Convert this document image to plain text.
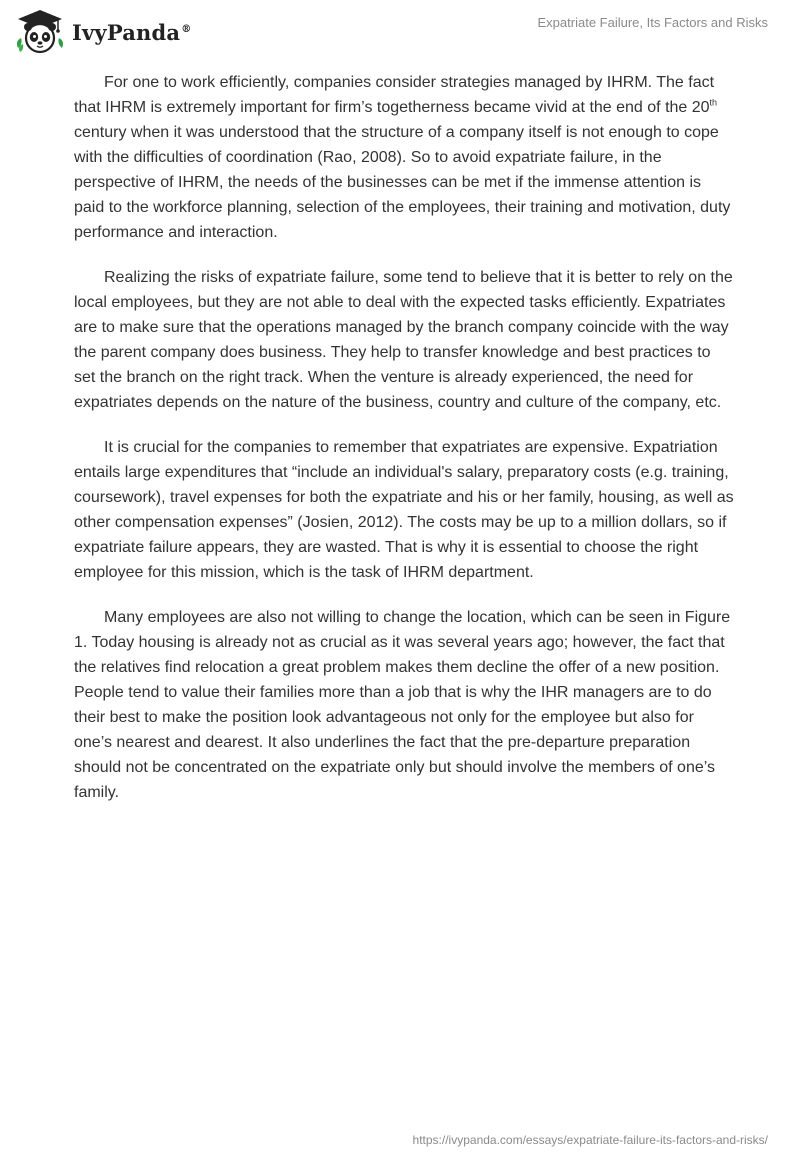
IvyPanda®	Expatriate Failure, Its Factors and Risks

For one to work efficiently, companies consider strategies managed by IHRM. The fact that IHRM is extremely important for firm’s togetherness became vivid at the end of the 20th century when it was understood that the structure of a company itself is not enough to cope with the difficulties of coordination (Rao, 2008). So to avoid expatriate failure, in the perspective of IHRM, the needs of the businesses can be met if the immense attention is paid to the workforce planning, selection of the employees, their training and motivation, duty performance and interaction.

Realizing the risks of expatriate failure, some tend to believe that it is better to rely on the local employees, but they are not able to deal with the expected tasks efficiently. Expatriates are to make sure that the operations managed by the branch company coincide with the way the parent company does business. They help to transfer knowledge and best practices to set the branch on the right track. When the venture is already experienced, the need for expatriates depends on the nature of the business, country and culture of the company, etc.

It is crucial for the companies to remember that expatriates are expensive. Expatriation entails large expenditures that “include an individual's salary, preparatory costs (e.g. training, coursework), travel expenses for both the expatriate and his or her family, housing, as well as other compensation expenses” (Josien, 2012). The costs may be up to a million dollars, so if expatriate failure appears, they are wasted. That is why it is essential to choose the right employee for this mission, which is the task of IHRM department.

Many employees are also not willing to change the location, which can be seen in Figure 1. Today housing is already not as crucial as it was several years ago; however, the fact that the relatives find relocation a great problem makes them decline the offer of a new position. People tend to value their families more than a job that is why the IHR managers are to do their best to make the position look advantageous not only for the employee but also for one’s nearest and dearest. It also underlines the fact that the pre-departure preparation should not be concentrated on the expatriate only but should involve the members of one’s family.

https://ivypanda.com/essays/expatriate-failure-its-factors-and-risks/
